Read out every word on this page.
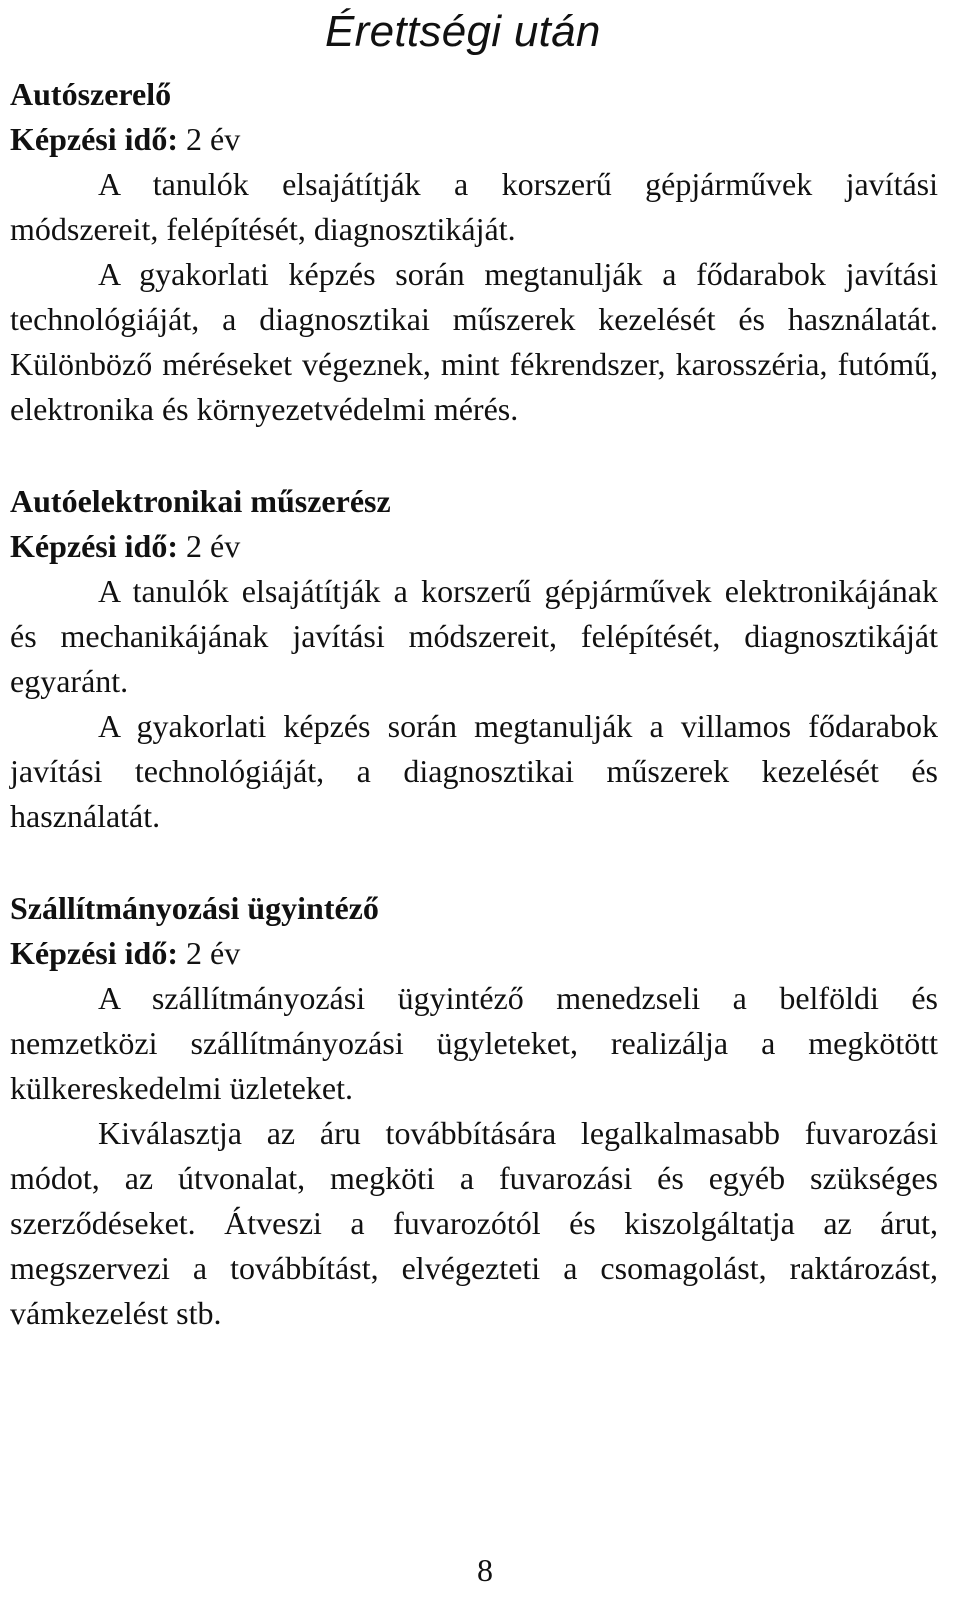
Érettségi után

Autószerelő

Képzési idő: 2 év

A tanulók elsajátítják a korszerű gépjárművek javítási módszereit, felépítését, diagnosztikáját.

A gyakorlati képzés során megtanulják a fődarabok javítási technológiáját, a diagnosztikai műszerek kezelését és használatát. Különböző méréseket végeznek, mint fékrendszer, karosszéria, futómű, elektronika és környezetvédelmi mérés.

Autóelektronikai műszerész

Képzési idő: 2 év

A tanulók elsajátítják a korszerű gépjárművek elektronikájának és mechanikájának javítási módszereit, felépítését, diagnosztikáját egyaránt.

A gyakorlati képzés során megtanulják a villamos fődarabok javítási technológiáját, a diagnosztikai műszerek kezelését és használatát.

Szállítmányozási ügyintéző

Képzési idő: 2 év

A szállítmányozási ügyintéző menedzseli a belföldi és nemzetközi szállítmányozási ügyleteket, realizálja a megkötött külkereskedelmi üzleteket.

Kiválasztja az áru továbbítására legalkalmasabb fuvarozási módot, az útvonalat, megköti a fuvarozási és egyéb szükséges szerződéseket. Átveszi a fuvarozótól és kiszolgáltatja az árut, megszervezi a továbbítást, elvégezteti a csomagolást, raktározást, vámkezelést stb.

8
